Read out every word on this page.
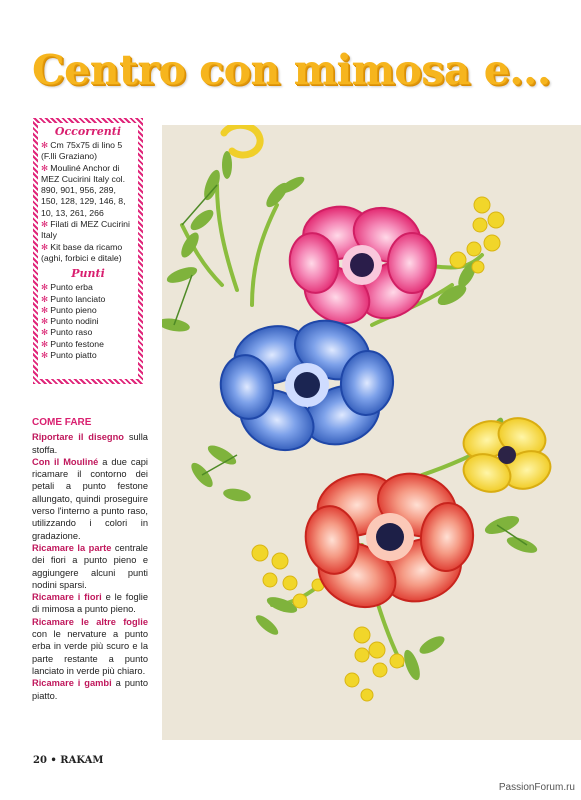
Centro con mimosa e...
Occorrenti
✻ Cm 75x75 di lino 5 (F.lli Graziano)
✻ Mouliné Anchor di MEZ Cucirini Italy col. 890, 901, 956, 289, 150, 128, 129, 146, 8, 10, 13, 261, 266
✻ Filati di MEZ Cucirini Italy
✻ Kit base da ricamo (aghi, forbici e ditale)
Punti
✻ Punto erba
✻ Punto lanciato
✻ Punto pieno
✻ Punto nodini
✻ Punto raso
✻ Punto festone
✻ Punto piatto
COME FARE

Riportare il disegno sulla stoffa.

Con il Mouliné a due capi ricamare il contorno dei petali a punto festone allungato, quindi proseguire verso l'interno a punto raso, utilizzando i colori in gradazione.

Ricamare la parte centrale dei fiori a punto pieno e aggiungere alcuni punti nodini sparsi.

Ricamare i fiori e le foglie di mimosa a punto pieno.

Ricamare le altre foglie con le nervature a punto erba in verde più scuro e la parte restante a punto lanciato in verde più chiaro.

Ricamare i gambi a punto piatto.

20 • RAKAM
PassionForum.ru
